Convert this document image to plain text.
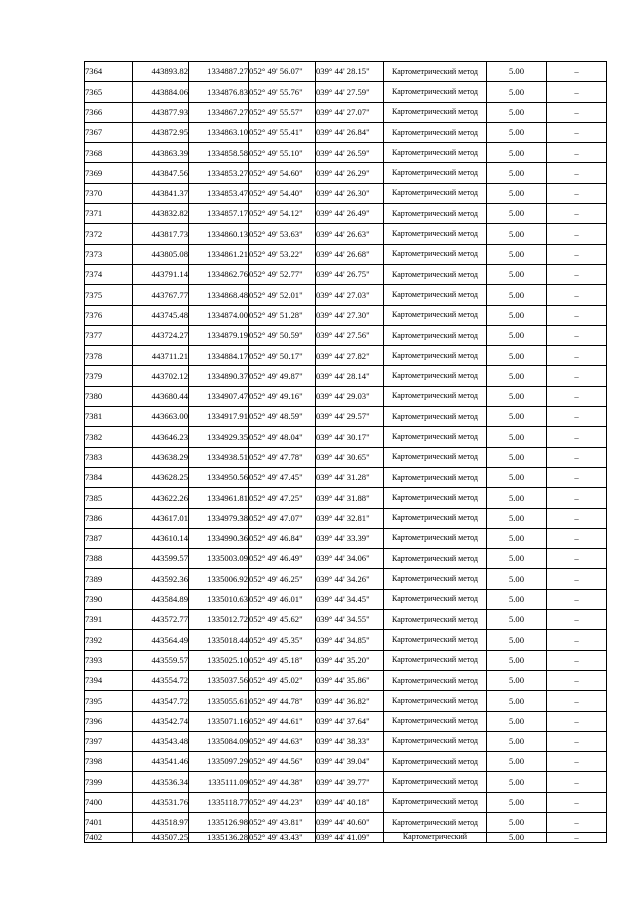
7364	443893.82	1334887.27	052° 49' 56.07"	039° 44' 28.15"	Картометрический метод	5.00	–
7365	443884.06	1334876.83	052° 49' 55.76"	039° 44' 27.59"	Картометрический метод	5.00	–
7366	443877.93	1334867.27	052° 49' 55.57"	039° 44' 27.07"	Картометрический метод	5.00	–
7367	443872.95	1334863.10	052° 49' 55.41"	039° 44' 26.84"	Картометрический метод	5.00	–
7368	443863.39	1334858.58	052° 49' 55.10"	039° 44' 26.59"	Картометрический метод	5.00	–
7369	443847.56	1334853.27	052° 49' 54.60"	039° 44' 26.29"	Картометрический метод	5.00	–
7370	443841.37	1334853.47	052° 49' 54.40"	039° 44' 26.30"	Картометрический метод	5.00	–
7371	443832.82	1334857.17	052° 49' 54.12"	039° 44' 26.49"	Картометрический метод	5.00	–
7372	443817.73	1334860.13	052° 49' 53.63"	039° 44' 26.63"	Картометрический метод	5.00	–
7373	443805.08	1334861.21	052° 49' 53.22"	039° 44' 26.68"	Картометрический метод	5.00	–
7374	443791.14	1334862.76	052° 49' 52.77"	039° 44' 26.75"	Картометрический метод	5.00	–
7375	443767.77	1334868.48	052° 49' 52.01"	039° 44' 27.03"	Картометрический метод	5.00	–
7376	443745.48	1334874.00	052° 49' 51.28"	039° 44' 27.30"	Картометрический метод	5.00	–
7377	443724.27	1334879.19	052° 49' 50.59"	039° 44' 27.56"	Картометрический метод	5.00	–
7378	443711.21	1334884.17	052° 49' 50.17"	039° 44' 27.82"	Картометрический метод	5.00	–
7379	443702.12	1334890.37	052° 49' 49.87"	039° 44' 28.14"	Картометрический метод	5.00	–
7380	443680.44	1334907.47	052° 49' 49.16"	039° 44' 29.03"	Картометрический метод	5.00	–
7381	443663.00	1334917.91	052° 49' 48.59"	039° 44' 29.57"	Картометрический метод	5.00	–
7382	443646.23	1334929.35	052° 49' 48.04"	039° 44' 30.17"	Картометрический метод	5.00	–
7383	443638.29	1334938.51	052° 49' 47.78"	039° 44' 30.65"	Картометрический метод	5.00	–
7384	443628.25	1334950.56	052° 49' 47.45"	039° 44' 31.28"	Картометрический метод	5.00	–
7385	443622.26	1334961.81	052° 49' 47.25"	039° 44' 31.88"	Картометрический метод	5.00	–
7386	443617.01	1334979.38	052° 49' 47.07"	039° 44' 32.81"	Картометрический метод	5.00	–
7387	443610.14	1334990.36	052° 49' 46.84"	039° 44' 33.39"	Картометрический метод	5.00	–
7388	443599.57	1335003.09	052° 49' 46.49"	039° 44' 34.06"	Картометрический метод	5.00	–
7389	443592.36	1335006.92	052° 49' 46.25"	039° 44' 34.26"	Картометрический метод	5.00	–
7390	443584.89	1335010.63	052° 49' 46.01"	039° 44' 34.45"	Картометрический метод	5.00	–
7391	443572.77	1335012.72	052° 49' 45.62"	039° 44' 34.55"	Картометрический метод	5.00	–
7392	443564.49	1335018.44	052° 49' 45.35"	039° 44' 34.85"	Картометрический метод	5.00	–
7393	443559.57	1335025.10	052° 49' 45.18"	039° 44' 35.20"	Картометрический метод	5.00	–
7394	443554.72	1335037.56	052° 49' 45.02"	039° 44' 35.86"	Картометрический метод	5.00	–
7395	443547.72	1335055.61	052° 49' 44.78"	039° 44' 36.82"	Картометрический метод	5.00	–
7396	443542.74	1335071.16	052° 49' 44.61"	039° 44' 37.64"	Картометрический метод	5.00	–
7397	443543.48	1335084.09	052° 49' 44.63"	039° 44' 38.33"	Картометрический метод	5.00	–
7398	443541.46	1335097.29	052° 49' 44.56"	039° 44' 39.04"	Картометрический метод	5.00	–
7399	443536.34	1335111.09	052° 49' 44.38"	039° 44' 39.77"	Картометрический метод	5.00	–
7400	443531.76	1335118.77	052° 49' 44.23"	039° 44' 40.18"	Картометрический метод	5.00	–
7401	443518.97	1335126.98	052° 49' 43.81"	039° 44' 40.60"	Картометрический метод	5.00	–
7402	443507.25	1335136.28	052° 49' 43.43"	039° 44' 41.09"	Картометрический	5.00	–
